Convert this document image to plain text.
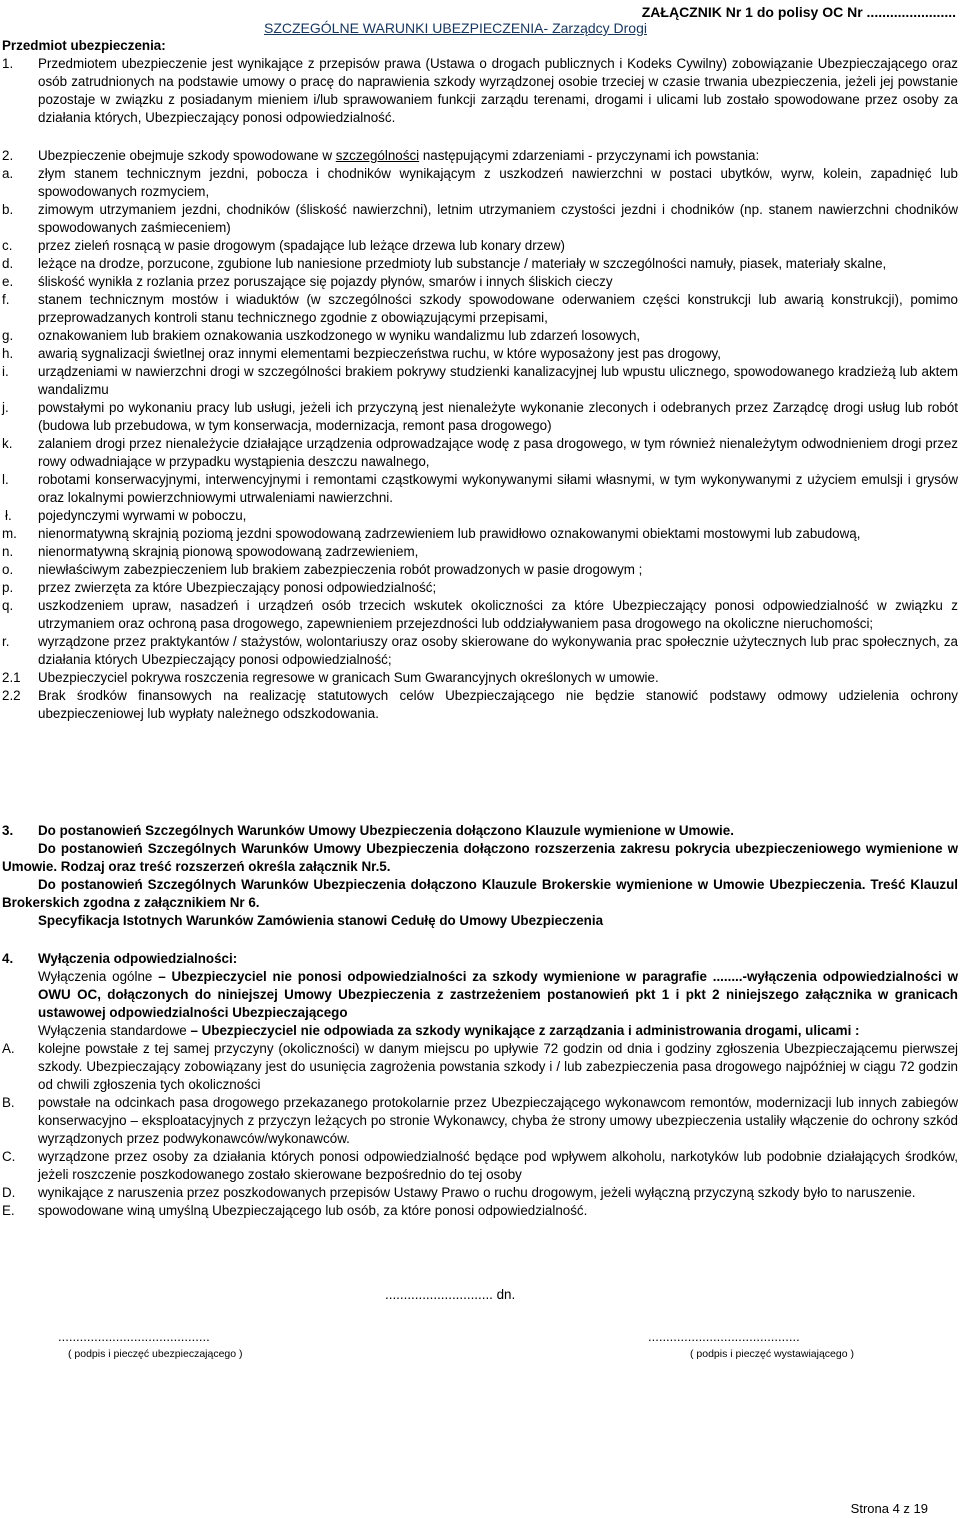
ZAŁĄCZNIK Nr 1 do polisy OC Nr .......................
SZCZEGÓLNE WARUNKI UBEZPIECZENIA- Zarządcy Drogi
Przedmiot ubezpieczenia:
1. Przedmiotem ubezpieczenie jest wynikające z przepisów prawa (Ustawa o drogach publicznych i Kodeks Cywilny) zobowiązanie Ubezpieczającego oraz osób zatrudnionych na podstawie umowy o pracę do naprawienia szkody wyrządzonej osobie trzeciej w czasie trwania ubezpieczenia, jeżeli jej powstanie pozostaje w związku z posiadanym mieniem i/lub sprawowaniem funkcji zarządu terenami, drogami i ulicami lub zostało spowodowane przez osoby za działania których, Ubezpieczający ponosi odpowiedzialność.
2. Ubezpieczenie obejmuje szkody spowodowane w szczególności następującymi zdarzeniami - przyczynami ich powstania:
a. złym stanem technicznym jezdni, pobocza i chodników wynikającym z uszkodzeń nawierzchni w postaci ubytków, wyrw, kolein, zapadnięć lub spowodowanych rozmyciem,
b. zimowym utrzymaniem jezdni, chodników (śliskość nawierzchni), letnim utrzymaniem czystości jezdni i chodników (np. stanem nawierzchni chodników spowodowanych zaśmieceniem)
c. przez zieleń rosnącą w pasie drogowym (spadające lub leżące drzewa lub konary drzew)
d. leżące na drodze, porzucone, zgubione lub naniesione przedmioty lub substancje / materiały w szczególności namuły, piasek, materiały skalne,
e. śliskość wynikła z rozlania przez poruszające się pojazdy płynów, smarów i innych śliskich cieczy
f. stanem technicznym mostów i wiaduktów (w szczególności szkody spowodowane oderwaniem części konstrukcji lub awarią konstrukcji), pomimo przeprowadzanych kontroli stanu technicznego zgodnie z obowiązującymi przepisami,
g. oznakowaniem lub brakiem oznakowania uszkodzonego w wyniku wandalizmu lub zdarzeń losowych,
h. awarią sygnalizacji świetlnej oraz innymi elementami bezpieczeństwa ruchu, w które wyposażony jest pas drogowy,
i. urządzeniami w nawierzchni drogi w szczególności brakiem pokrywy studzienki kanalizacyjnej lub wpustu ulicznego, spowodowanego kradzieżą lub aktem wandalizmu
j. powstałymi po wykonaniu pracy lub usługi, jeżeli ich przyczyną jest nienależyte wykonanie zleconych i odebranych przez Zarządcę drogi usług lub robót (budowa lub przebudowa, w tym konserwacja, modernizacja, remont pasa drogowego)
k. zalaniem drogi przez nienależycie działające urządzenia odprowadzające wodę z pasa drogowego, w tym również nienależytym odwodnieniem drogi przez rowy odwadniające w przypadku wystąpienia deszczu nawalnego,
l. robotami konserwacyjnymi, interwencyjnymi i remontami cząstkowymi wykonywanymi siłami własnymi, w tym wykonywanymi z użyciem emulsji i grysów oraz lokalnymi powierzchniowymi utrwaleniami nawierzchni.
ł. pojedynczymi wyrwami w poboczu,
m. nienormatywną skrajnią poziomą jezdni spowodowaną zadrzewieniem lub prawidłowo oznakowanymi obiektami mostowymi lub zabudową,
n. nienormatywną skrajnią pionową spowodowaną zadrzewieniem,
o. niewłaściwym zabezpieczeniem lub brakiem zabezpieczenia robót prowadzonych w pasie drogowym ;
p. przez zwierzęta za które Ubezpieczający ponosi odpowiedzialność;
q. uszkodzeniem upraw, nasadzeń i urządzeń osób trzecich wskutek okoliczności za które Ubezpieczający ponosi odpowiedzialność w związku z utrzymaniem oraz ochroną pasa drogowego, zapewnieniem przejezdności lub oddziaływaniem pasa drogowego na okoliczne nieruchomości;
r. wyrządzone przez praktykantów / stażystów, wolontariuszy oraz osoby skierowane do wykonywania prac społecznie użytecznych lub prac społecznych, za działania których Ubezpieczający ponosi odpowiedzialność;
2.1 Ubezpieczyciel pokrywa roszczenia regresowe w granicach Sum Gwarancyjnych określonych w umowie.
2.2 Brak środków finansowych na realizację statutowych celów Ubezpieczającego nie będzie stanowić podstawy odmowy udzielenia ochrony ubezpieczeniowej lub wypłaty należnego odszkodowania.
3. Do postanowień Szczególnych Warunków Umowy Ubezpieczenia dołączono Klauzule wymienione w Umowie.
Do postanowień Szczególnych Warunków Umowy Ubezpieczenia dołączono rozszerzenia zakresu pokrycia ubezpieczeniowego wymienione w Umowie. Rodzaj oraz treść rozszerzeń określa załącznik Nr.5.
Do postanowień Szczególnych Warunków Ubezpieczenia dołączono Klauzule Brokerskie wymienione w Umowie Ubezpieczenia. Treść Klauzul Brokerskich zgodna z załącznikiem Nr 6.
Specyfikacja Istotnych Warunków Zamówienia stanowi Cedułę do Umowy Ubezpieczenia
4. Wyłączenia odpowiedzialności:
Wyłączenia ogólne – Ubezpieczyciel nie ponosi odpowiedzialności za szkody wymienione w paragrafie ........-wyłączenia odpowiedzialności w OWU OC, dołączonych do niniejszej Umowy Ubezpieczenia z zastrzeżeniem postanowień pkt 1 i pkt 2 niniejszego załącznika w granicach ustawowej odpowiedzialności Ubezpieczającego
Wyłączenia standardowe – Ubezpieczyciel nie odpowiada za szkody wynikające z zarządzania i administrowania drogami, ulicami :
A. kolejne powstałe z tej samej przyczyny (okoliczności) w danym miejscu po upływie 72 godzin od dnia i godziny zgłoszenia Ubezpieczającemu pierwszej szkody. Ubezpieczający zobowiązany jest do usunięcia zagrożenia powstania szkody i / lub zabezpieczenia pasa drogowego najpóźniej w ciągu 72 godzin od chwili zgłoszenia tych okoliczności
B. powstałe na odcinkach pasa drogowego przekazanego protokolarnie przez Ubezpieczającego wykonawcom remontów, modernizacji lub innych zabiegów konserwacyjno – eksploatacyjnych z przyczyn leżących po stronie Wykonawcy, chyba że strony umowy ubezpieczenia ustaliły włączenie do ochrony szkód wyrządzonych przez podwykonawców/wykonawców.
C. wyrządzone przez osoby za działania których ponosi odpowiedzialność będące pod wpływem alkoholu, narkotyków lub podobnie działających środków, jeżeli roszczenie poszkodowanego zostało skierowane bezpośrednio do tej osoby
D. wynikające z naruszenia przez poszkodowanych przepisów Ustawy Prawo o ruchu drogowym, jeżeli wyłączną przyczyną szkody było to naruszenie.
E. spowodowane winą umyślną Ubezpieczającego lub osób, za które ponosi odpowiedzialność.
............................. dn.
..........................................
( podpis i pieczęć ubezpieczającego )
..........................................
( podpis i pieczęć wystawiającego )
Strona 4 z 19
